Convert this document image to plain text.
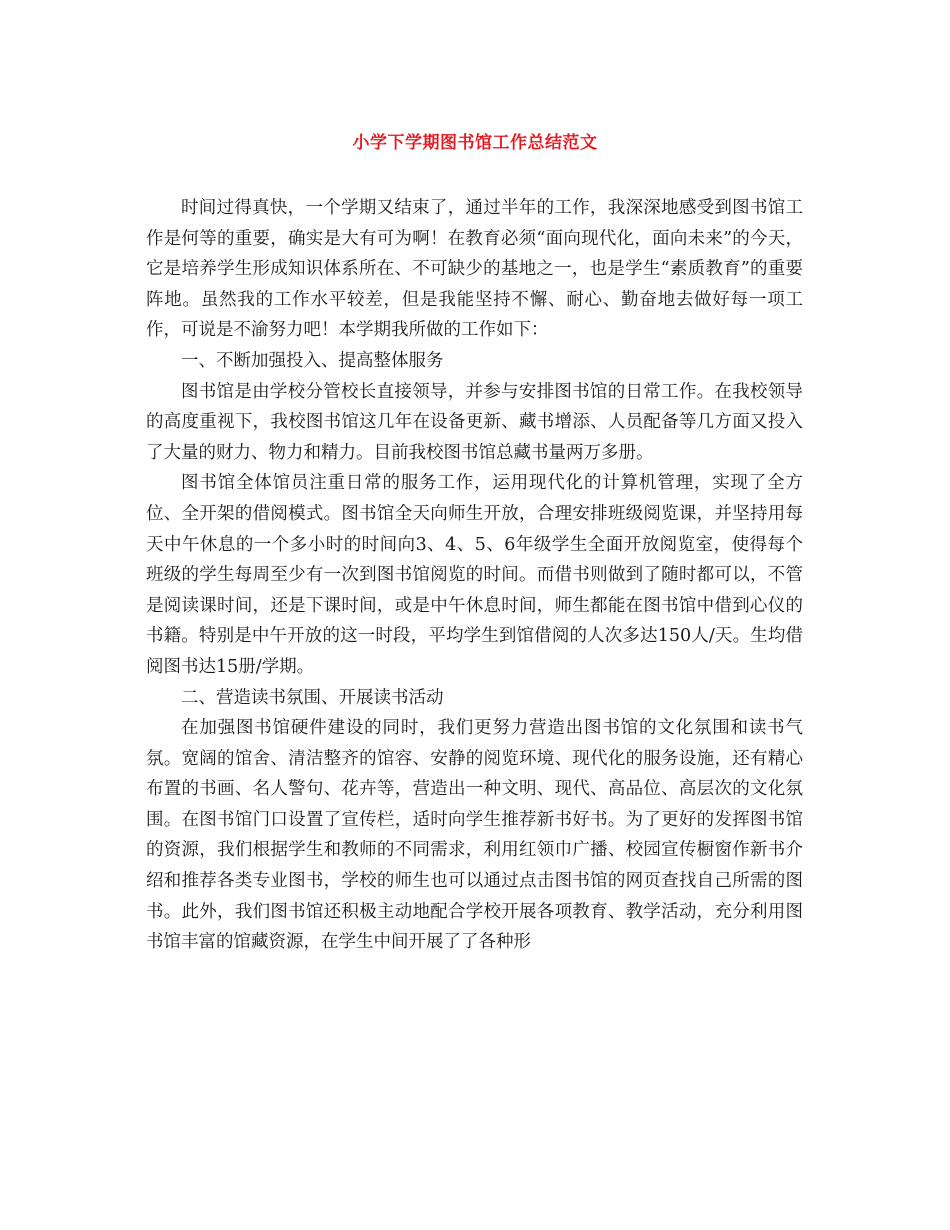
小学下学期图书馆工作总结范文

时间过得真快，一个学期又结束了，通过半年的工作，我深深地感受到图书馆工作是何等的重要，确实是大有可为啊！在教育必须“面向现代化，面向未来”的今天，它是培养学生形成知识体系所在、不可缺少的基地之一，也是学生“素质教育”的重要阵地。虽然我的工作水平较差，但是我能坚持不懈、耐心、勤奋地去做好每一项工作，可说是不渝努力吧！本学期我所做的工作如下：

一、不断加强投入、提高整体服务

图书馆是由学校分管校长直接领导，并参与安排图书馆的日常工作。在我校领导的高度重视下，我校图书馆这几年在设备更新、藏书增添、人员配备等几方面又投入了大量的财力、物力和精力。目前我校图书馆总藏书量两万多册。

图书馆全体馆员注重日常的服务工作，运用现代化的计算机管理，实现了全方位、全开架的借阅模式。图书馆全天向师生开放，合理安排班级阅览课，并坚持用每天中午休息的一个多小时的时间向3、4、5、6年级学生全面开放阅览室，使得每个班级的学生每周至少有一次到图书馆阅览的时间。而借书则做到了随时都可以，不管是阅读课时间，还是下课时间，或是中午休息时间，师生都能在图书馆中借到心仪的书籍。特别是中午开放的这一时段，平均学生到馆借阅的人次多达150人/天。生均借阅图书达15册/学期。

二、营造读书氛围、开展读书活动

在加强图书馆硬件建设的同时，我们更努力营造出图书馆的文化氛围和读书气氛。宽阔的馆舍、清洁整齐的馆容、安静的阅览环境、现代化的服务设施，还有精心布置的书画、名人警句、花卉等，营造出一种文明、现代、高品位、高层次的文化氛围。在图书馆门口设置了宣传栏，适时向学生推荐新书好书。为了更好的发挥图书馆的资源，我们根据学生和教师的不同需求，利用红领巾广播、校园宣传橱窗作新书介绍和推荐各类专业图书，学校的师生也可以通过点击图书馆的网页查找自己所需的图书。此外，我们图书馆还积极主动地配合学校开展各项教育、教学活动，充分利用图书馆丰富的馆藏资源，在学生中间开展了了各种形
